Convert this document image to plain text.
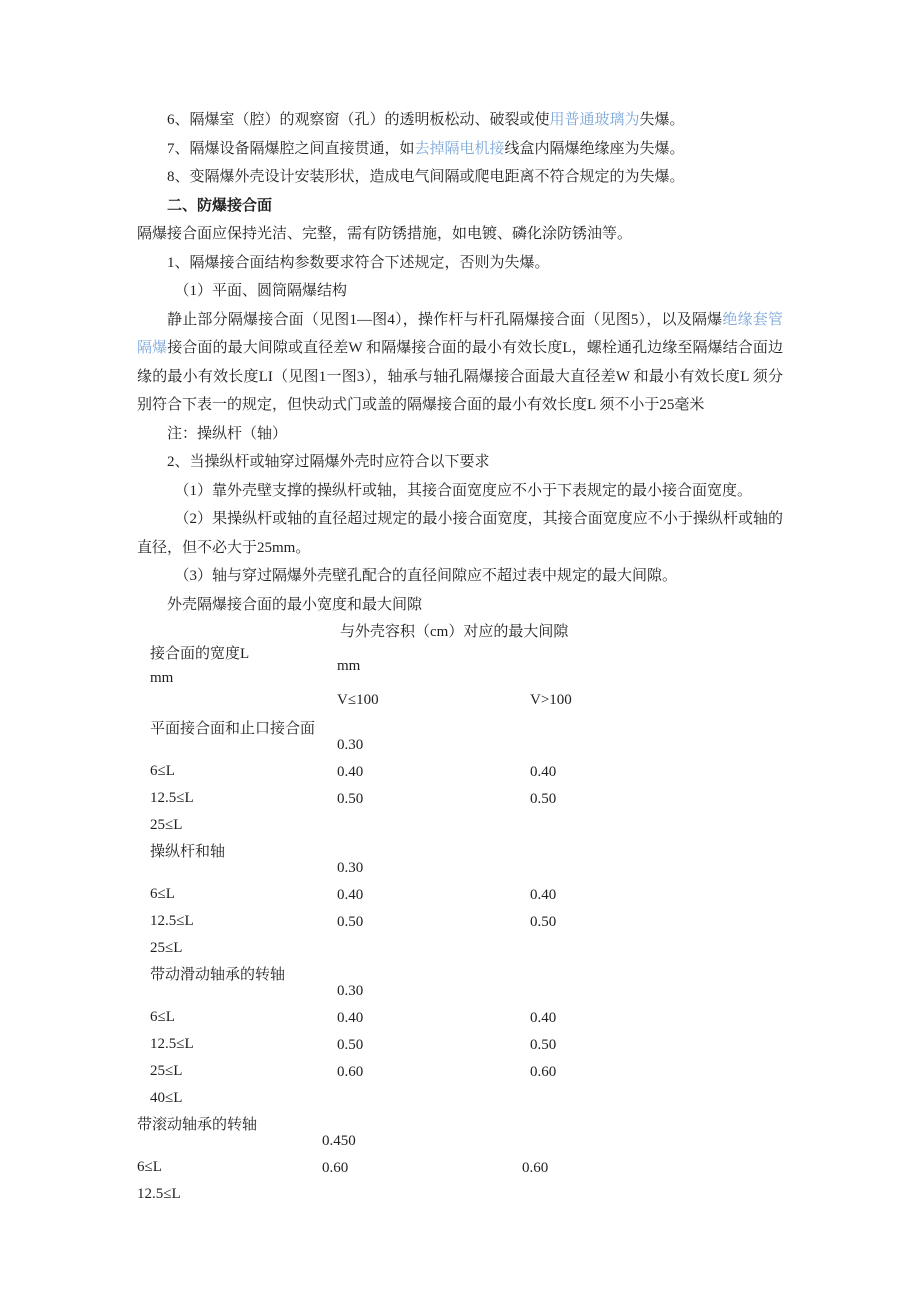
6、隔爆室（腔）的观察窗（孔）的透明板松动、破裂或使用普通玻璃为失爆。

7、隔爆设备隔爆腔之间直接贯通，如去掉隔电机接线盒内隔爆绝缘座为失爆。

8、变隔爆外壳设计安装形状，造成电气间隔或爬电距离不符合规定的为失爆。

二、防爆接合面

隔爆接合面应保持光洁、完整，需有防锈措施，如电镀、磷化涂防锈油等。

1、隔爆接合面结构参数要求符合下述规定，否则为失爆。

（1）平面、圆筒隔爆结构

静止部分隔爆接合面（见图1—图4），操作杆与杆孔隔爆接合面（见图5），以及隔爆绝缘套管隔爆接合面的最大间隙或直径差W 和隔爆接合面的最小有效长度L，螺栓通孔边缘至隔爆结合面边缘的最小有效长度LI（见图1一图3），轴承与轴孔隔爆接合面最大直径差W 和最小有效长度L 须分别符合下表一的规定，但快动式门或盖的隔爆接合面的最小有效长度L 须不小于25毫米

注：操纵杆（轴）

2、当操纵杆或轴穿过隔爆外壳时应符合以下要求

（1）靠外壳壁支撑的操纵杆或轴，其接合面宽度应不小于下表规定的最小接合面宽度。

（2）果操纵杆或轴的直径超过规定的最小接合面宽度，其接合面宽度应不小于操纵杆或轴的直径，但不必大于25mm。

（3）轴与穿过隔爆外壳壁孔配合的直径间隙应不超过表中规定的最大间隙。

外壳隔爆接合面的最小宽度和最大间隙

与外壳容积（cm）对应的最大间隙
接合面的宽度L
mm
mm
V≤100	V>100
平面接合面和止口接合面
6≤L
12.5≤L
25≤L
0.30
0.40
0.50
0.40
0.50
操纵杆和轴
6≤L
12.5≤L
25≤L
0.30
0.40
0.50
0.40
0.50
带动滑动轴承的转轴
6≤L
12.5≤L
25≤L
40≤L
0.30
0.40
0.50
0.60
0.40
0.50
0.60
带滚动轴承的转轴
6≤L
12.5≤L
0.450
0.60	0.60
